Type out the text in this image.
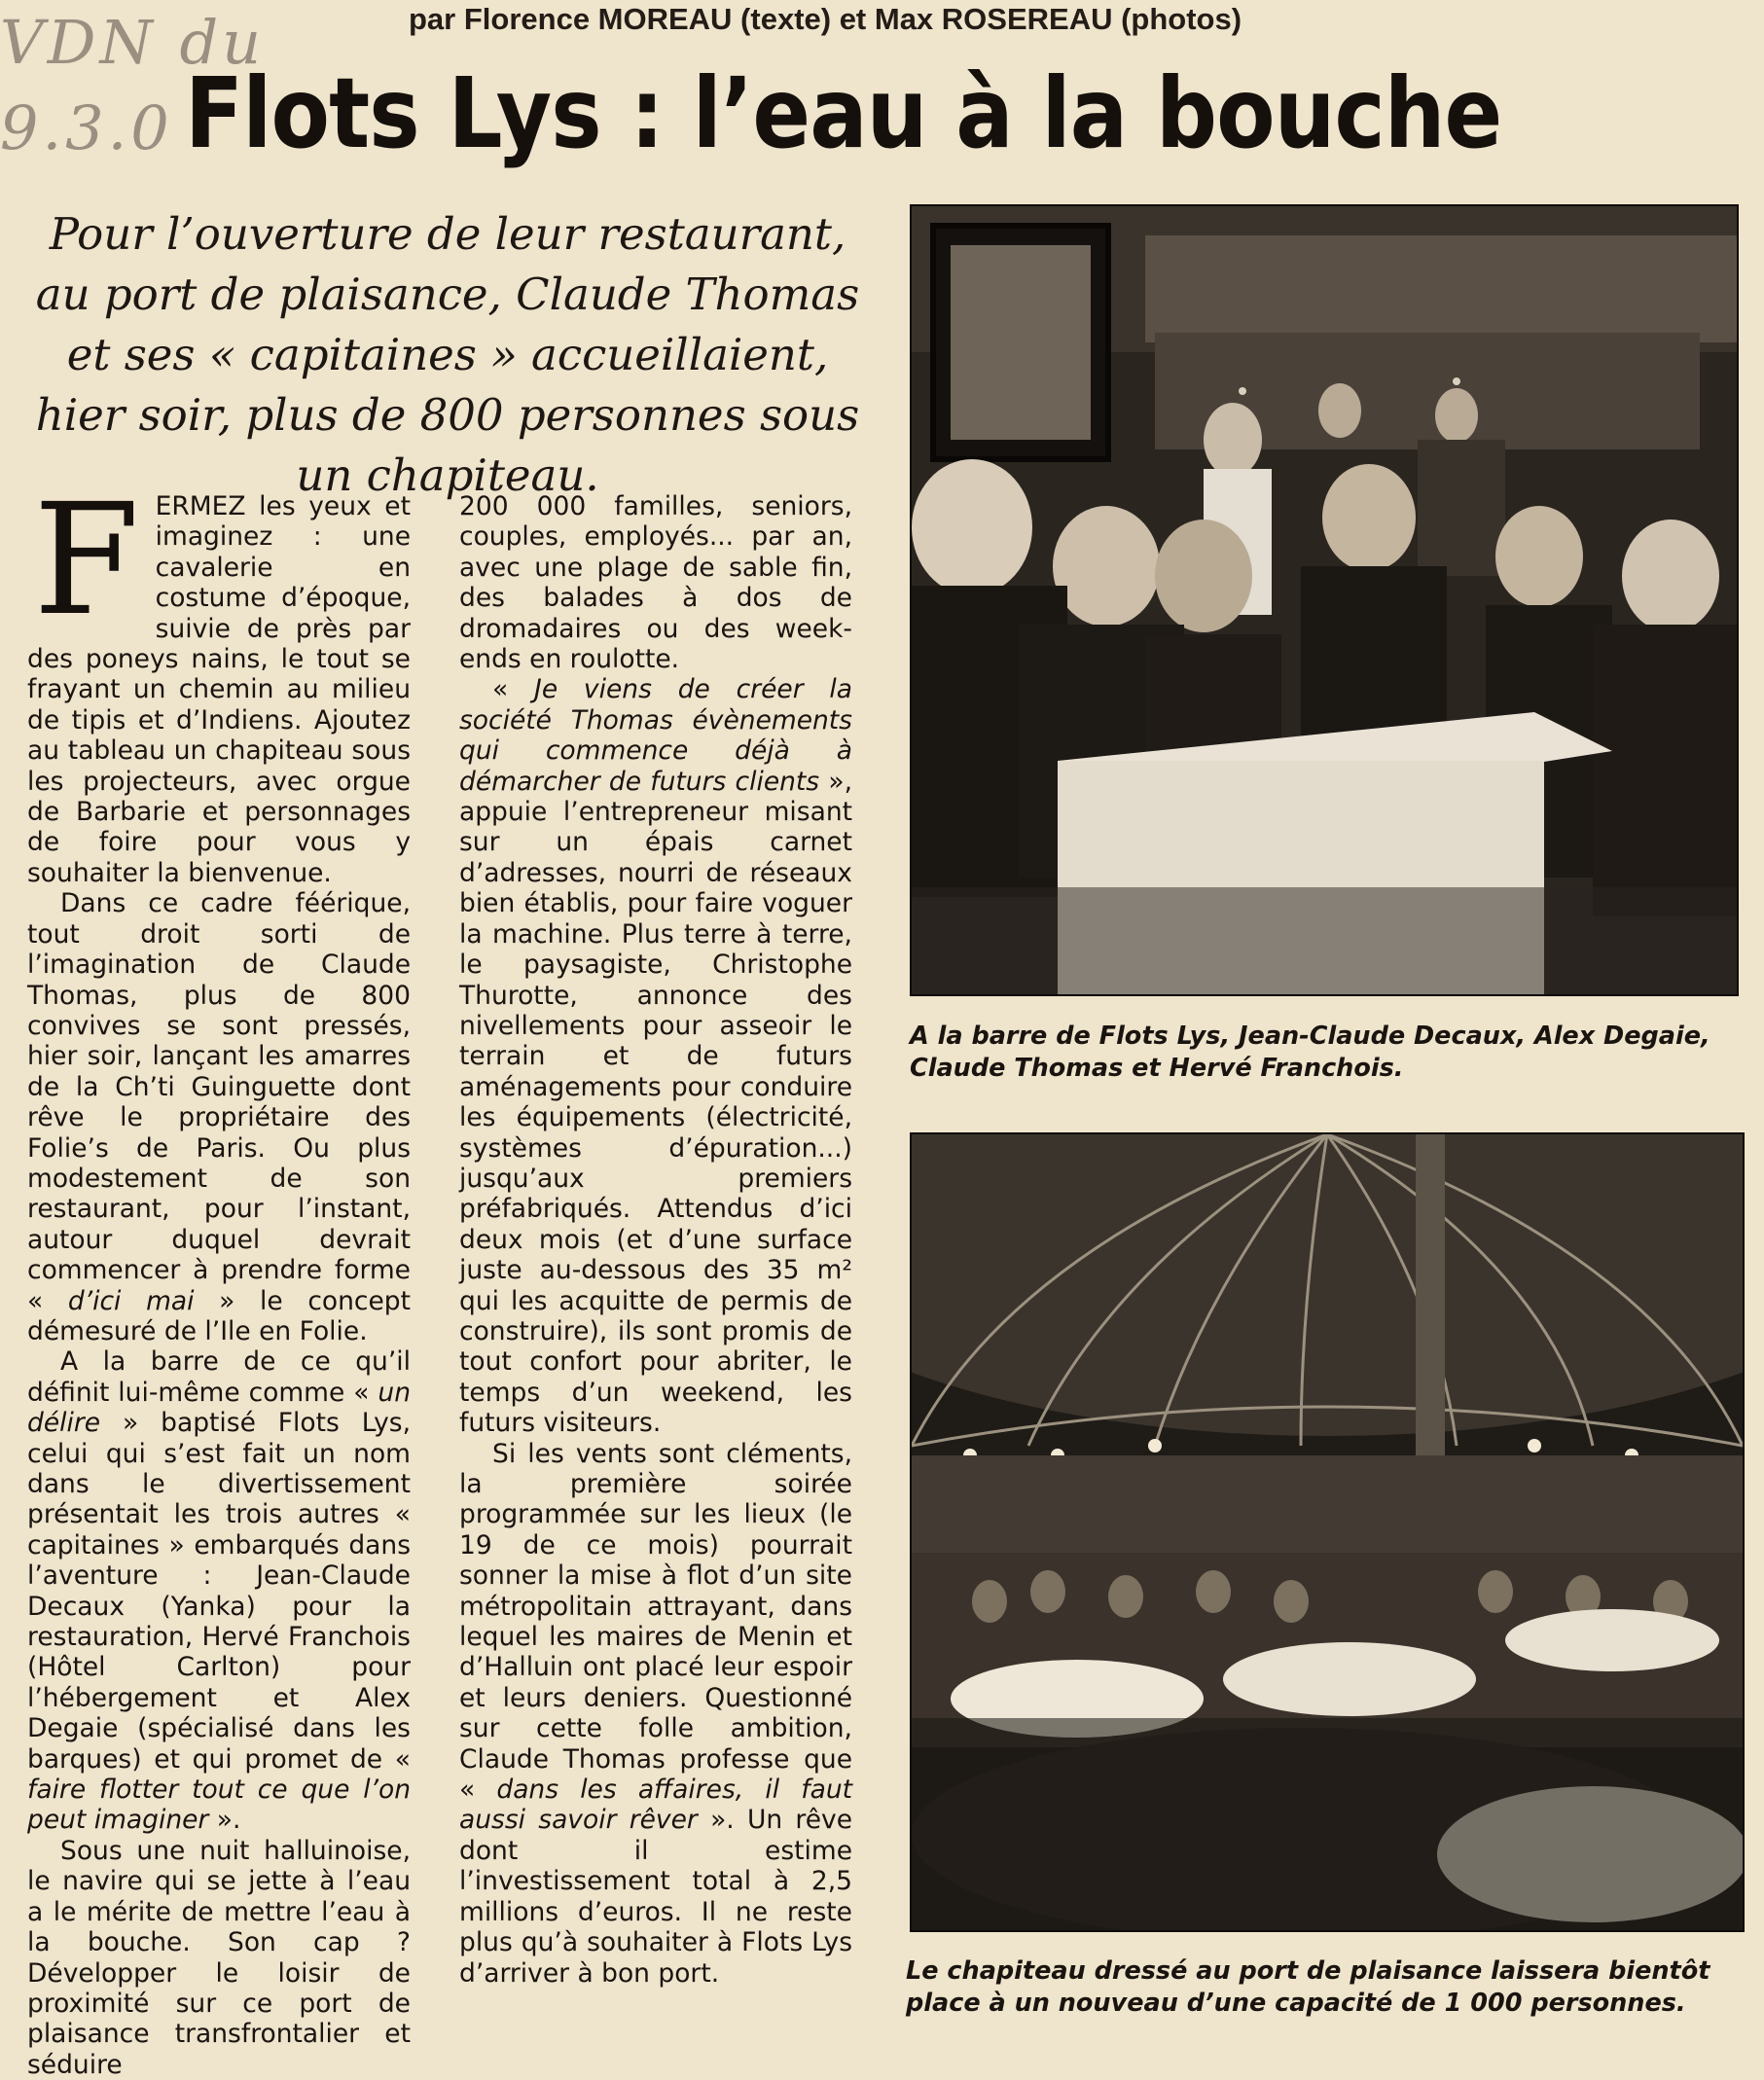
VDN du
9.3.0
par Florence MOREAU (texte) et Max ROSEREAU (photos)
Flots Lys : l’eau à la bouche
Pour l’ouverture de leur restaurant, au port de plaisance, Claude Thomas et ses « capitaines » accueillaient, hier soir, plus de 800 personnes sous un chapiteau.

FERMEZ les yeux et imaginez : une cavalerie en costume d’époque, suivie de près par des poneys nains, le tout se frayant un chemin au milieu de tipis et d’Indiens. Ajoutez au tableau un chapiteau sous les projecteurs, avec orgue de Barbarie et personnages de foire pour vous y souhaiter la bienvenue.

Dans ce cadre féérique, tout droit sorti de l’imagination de Claude Thomas, plus de 800 convives se sont pressés, hier soir, lançant les amarres de la Ch’ti Guinguette dont rêve le propriétaire des Folie’s de Paris. Ou plus modestement de son restaurant, pour l’instant, autour duquel devrait commencer à prendre forme « d’ici mai » le concept démesuré de l’Ile en Folie.

A la barre de ce qu’il définit lui-même comme « un délire » baptisé Flots Lys, celui qui s’est fait un nom dans le divertissement présentait les trois autres « capitaines » embarqués dans l’aventure : Jean-Claude Decaux (Yanka) pour la restauration, Hervé Franchois (Hôtel Carlton) pour l’hébergement et Alex Degaie (spécialisé dans les barques) et qui promet de « faire flotter tout ce que l’on peut imaginer ».

Sous une nuit halluinoise, le navire qui se jette à l’eau a le mérite de mettre l’eau à la bouche. Son cap ? Développer le loisir de proximité sur ce port de plaisance transfrontalier et séduire

200 000 familles, seniors, couples, employés... par an, avec une plage de sable fin, des balades à dos de dromadaires ou des week-ends en roulotte.

« Je viens de créer la société Thomas évènements qui commence déjà à démarcher de futurs clients », appuie l’entrepreneur misant sur un épais carnet d’adresses, nourri de réseaux bien établis, pour faire voguer la machine. Plus terre à terre, le paysagiste, Christophe Thurotte, annonce des nivellements pour asseoir le terrain et de futurs aménagements pour conduire les équipements (électricité, systèmes d’épuration...) jusqu’aux premiers préfabriqués. Attendus d’ici deux mois (et d’une surface juste au-dessous des 35 m² qui les acquitte de permis de construire), ils sont promis de tout confort pour abriter, le temps d’un weekend, les futurs visiteurs.

Si les vents sont cléments, la première soirée programmée sur les lieux (le 19 de ce mois) pourrait sonner la mise à flot d’un site métropolitain attrayant, dans lequel les maires de Menin et d’Halluin ont placé leur espoir et leurs deniers. Questionné sur cette folle ambition, Claude Thomas professe que « dans les affaires, il faut aussi savoir rêver ». Un rêve dont il estime l’investissement total à 2,5 millions d’euros. Il ne reste plus qu’à souhaiter à Flots Lys d’arriver à bon port.

A la barre de Flots Lys, Jean-Claude Decaux, Alex Degaie, Claude Thomas et Hervé Franchois.
Le chapiteau dressé au port de plaisance laissera bientôt place à un nouveau d’une capacité de 1 000 personnes.
